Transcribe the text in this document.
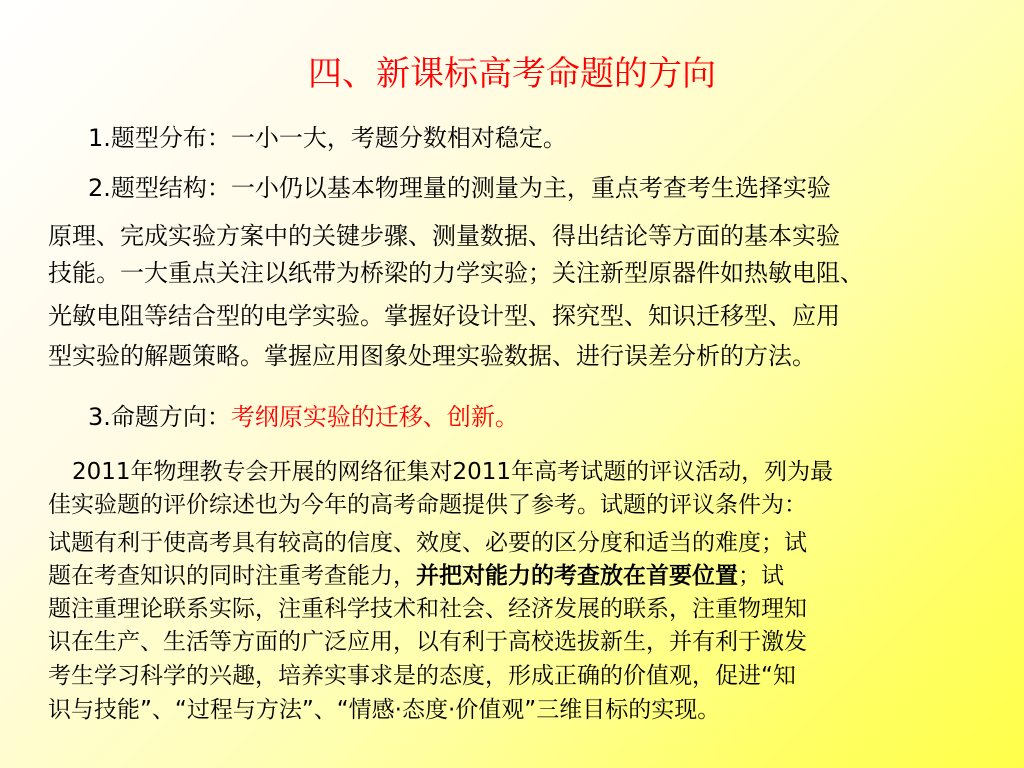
四、新课标高考命题的方向
1.题型分布：一小一大，考题分数相对稳定。
2.题型结构：一小仍以基本物理量的测量为主，重点考查考生选择实验
原理、完成实验方案中的关键步骤、测量数据、得出结论等方面的基本实验
技能。一大重点关注以纸带为桥梁的力学实验；关注新型原器件如热敏电阻、
光敏电阻等结合型的电学实验。掌握好设计型、探究型、知识迁移型、应用
型实验的解题策略。掌握应用图象处理实验数据、进行误差分析的方法。
3.命题方向：考纲原实验的迁移、创新。
2011年物理教专会开展的网络征集对2011年高考试题的评议活动，列为最
佳实验题的评价综述也为今年的高考命题提供了参考。试题的评议条件为：
试题有利于使高考具有较高的信度、效度、必要的区分度和适当的难度；试
题在考查知识的同时注重考查能力，并把对能力的考查放在首要位置；试
题注重理论联系实际，注重科学技术和社会、经济发展的联系，注重物理知
识在生产、生活等方面的广泛应用，以有利于高校选拔新生，并有利于激发
考生学习科学的兴趣，培养实事求是的态度，形成正确的价值观，促进“知
识与技能”、“过程与方法”、“情感·态度·价值观”三维目标的实现。
